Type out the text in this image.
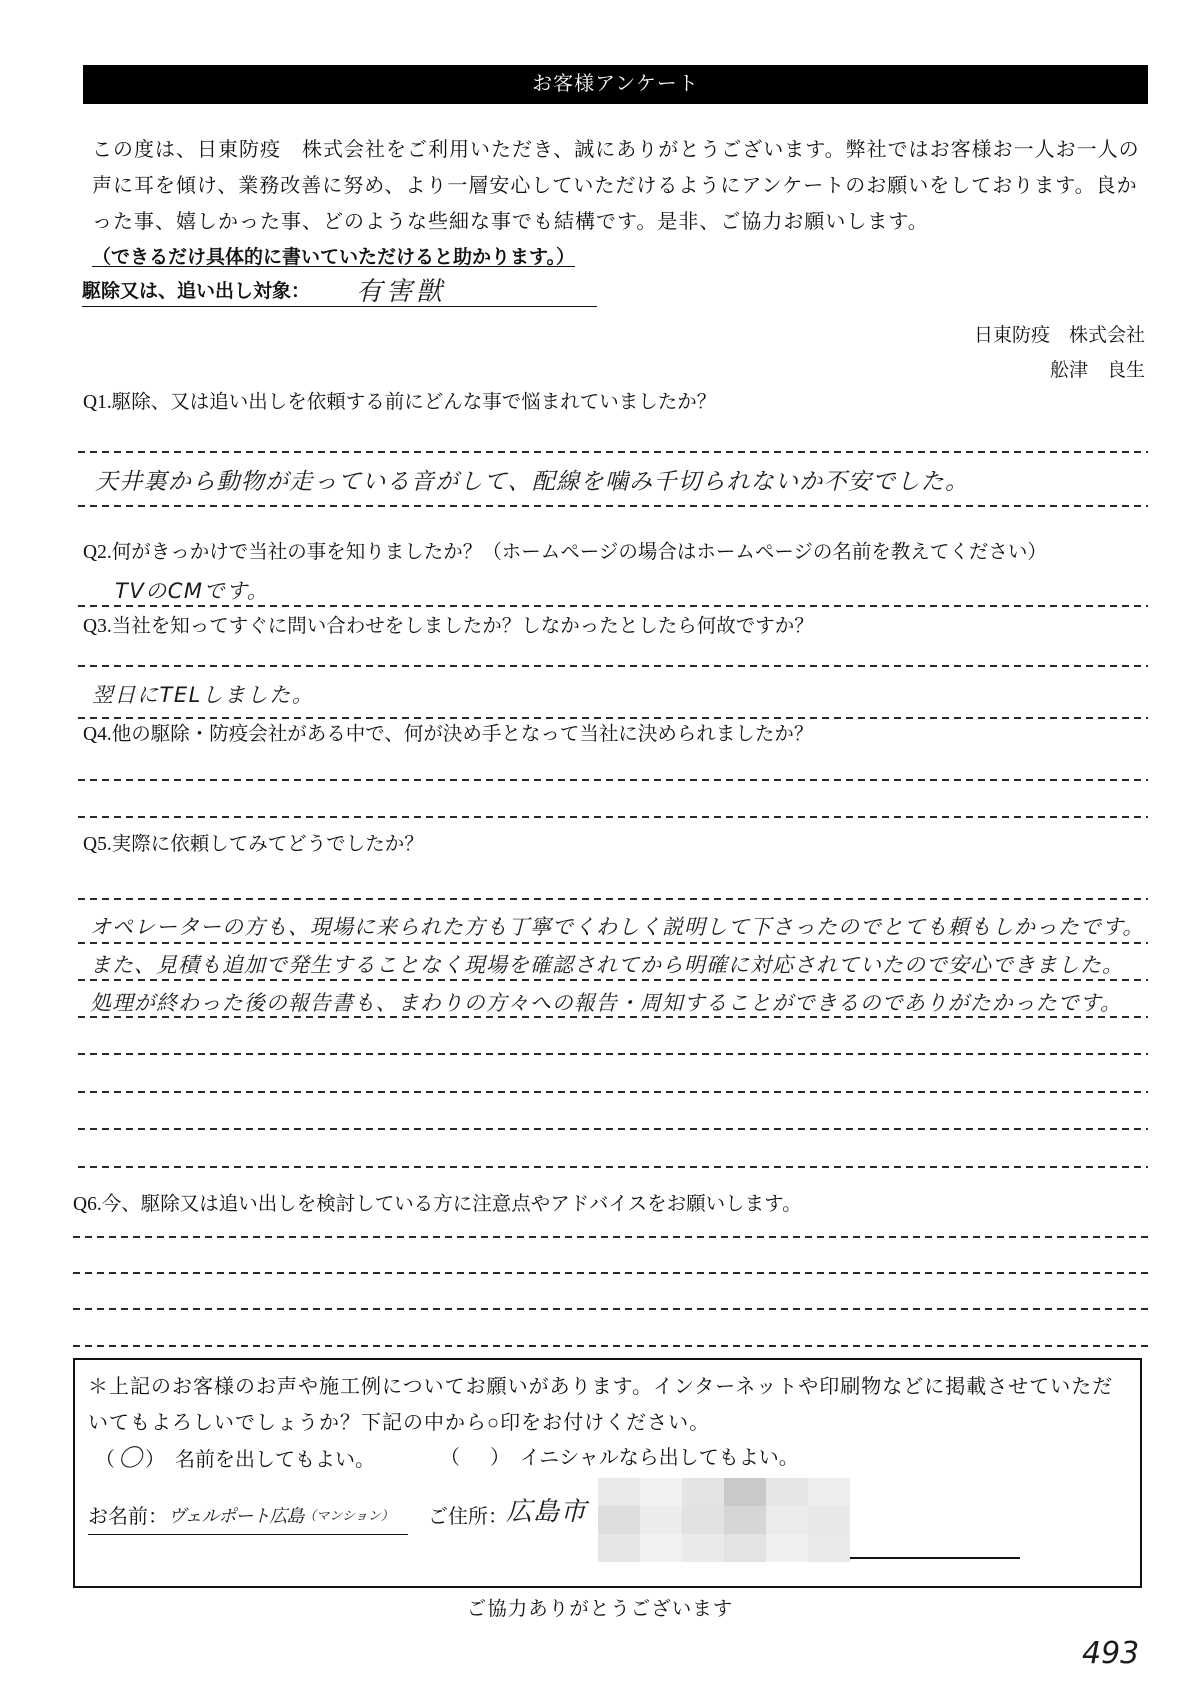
お客様アンケート
この度は、日東防疫　株式会社をご利用いただき、誠にありがとうございます。弊社ではお客様お一人お一人の
声に耳を傾け、業務改善に努め、より一層安心していただけるようにアンケートのお願いをしております。良か
った事、嬉しかった事、どのような些細な事でも結構です。是非、ご協力お願いします。
（できるだけ具体的に書いていただけると助かります。）
駆除又は、追い出し対象： 有害獣
日東防疫　株式会社
舩津　良生
Q1.駆除、又は追い出しを依頼する前にどんな事で悩まれていましたか？
天井裏から動物が走っている音がして、配線を噛み千切られないか不安でした。
Q2.何がきっかけで当社の事を知りましたか？（ホームページの場合はホームページの名前を教えてください）
TVのCMです。
Q3.当社を知ってすぐに問い合わせをしましたか？しなかったとしたら何故ですか？
翌日にTELしました。
Q4.他の駆除・防疫会社がある中で、何が決め手となって当社に決められましたか？
Q5.実際に依頼してみてどうでしたか？
オペレーターの方も、現場に来られた方も丁寧でくわしく説明して下さったのでとても頼もしかったです。
また、見積も追加で発生することなく現場を確認されてから明確に対応されていたので安心できました。
処理が終わった後の報告書も、まわりの方々への報告・周知することができるのでありがたかったです。
Q6.今、駆除又は追い出しを検討している方に注意点やアドバイスをお願いします。
＊上記のお客様のお声や施工例についてお願いがあります。インターネットや印刷物などに掲載させていただ
いてもよろしいでしょうか？下記の中から○印をお付けください。
（ 〇 ） 名前を出してもよい。	（ ） イニシャルなら出してもよい。
お名前：ヴェルポート広島（マンション）	ご住所：
広島市
ご協力ありがとうございます
493
